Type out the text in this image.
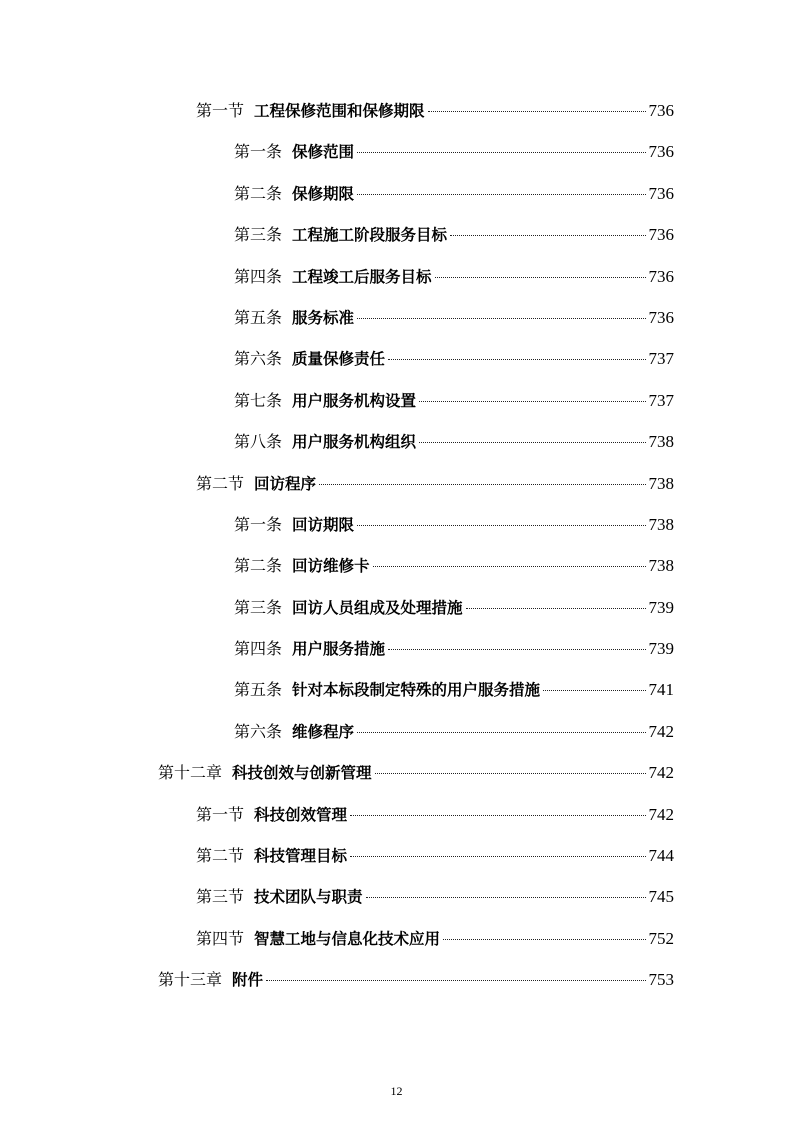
第一节 工程保修范围和保修期限	736
第一条 保修范围	736
第二条 保修期限	736
第三条 工程施工阶段服务目标	736
第四条 工程竣工后服务目标	736
第五条 服务标准	736
第六条 质量保修责任	737
第七条 用户服务机构设置	737
第八条 用户服务机构组织	738
第二节 回访程序	738
第一条 回访期限	738
第二条 回访维修卡	738
第三条 回访人员组成及处理措施	739
第四条 用户服务措施	739
第五条 针对本标段制定特殊的用户服务措施	741
第六条 维修程序	742
第十二章 科技创效与创新管理	742
第一节 科技创效管理	742
第二节 科技管理目标	744
第三节 技术团队与职责	745
第四节 智慧工地与信息化技术应用	752
第十三章 附件	753
12
